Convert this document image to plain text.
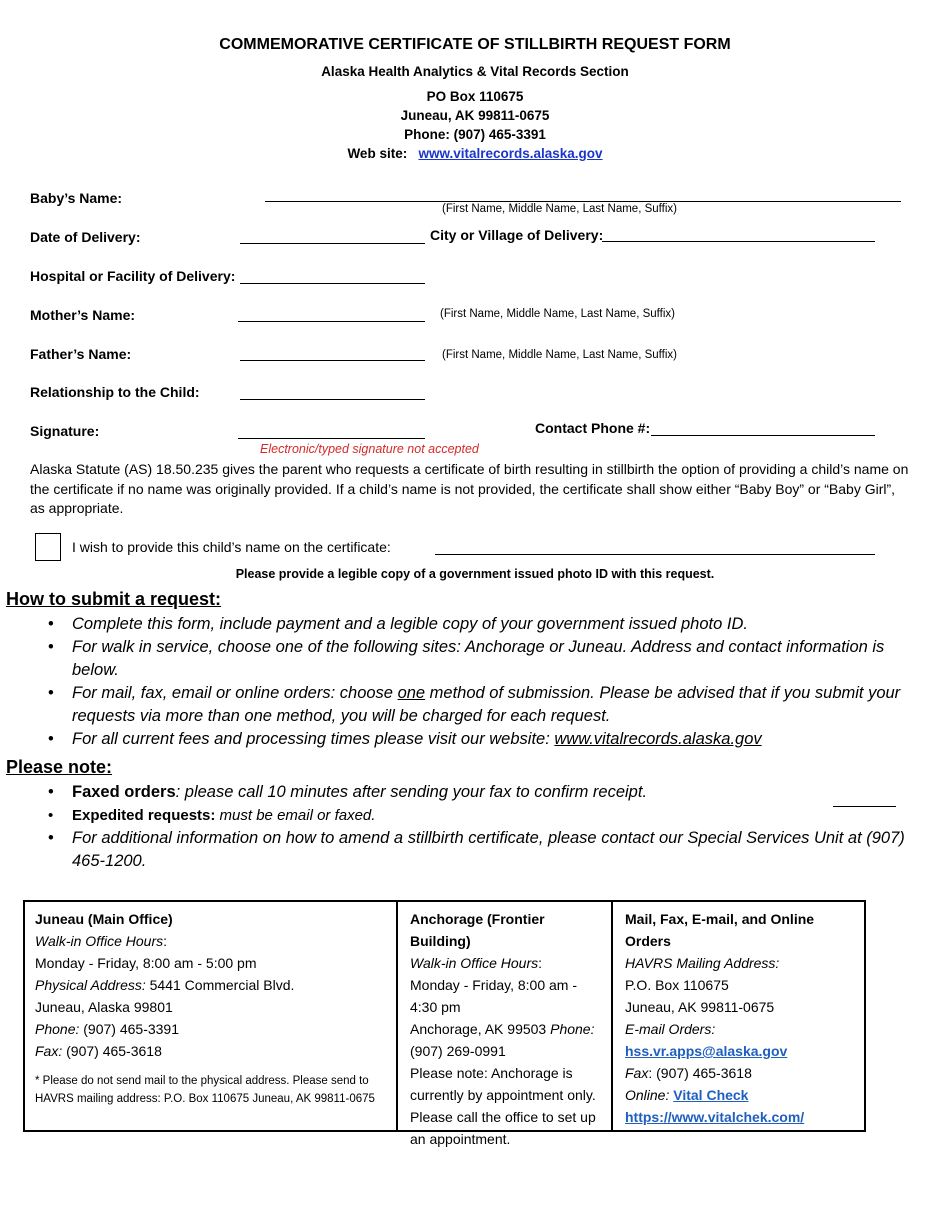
COMMEMORATIVE CERTIFICATE OF STILLBIRTH REQUEST FORM
Alaska Health Analytics & Vital Records Section
PO Box 110675
Juneau, AK 99811-0675
Phone: (907) 465-3391
Web site: www.vitalrecords.alaska.gov
Baby’s Name:
(First Name, Middle Name, Last Name, Suffix)
Date of Delivery:	City or Village of Delivery:
Hospital or Facility of Delivery:
Mother’s Name:	(First Name, Middle Name, Last Name, Suffix)
Father’s Name:	(First Name, Middle Name, Last Name, Suffix)
Relationship to the Child:
Signature:	Contact Phone #:
Electronic/typed signature not accepted
Alaska Statute (AS) 18.50.235 gives the parent who requests a certificate of birth resulting in stillbirth the option of providing a child’s name on the certificate if no name was originally provided. If a child’s name is not provided, the certificate shall show either “Baby Boy” or “Baby Girl”, as appropriate.
I wish to provide this child’s name on the certificate:
Please provide a legible copy of a government issued photo ID with this request.
How to submit a request:
• Complete this form, include payment and a legible copy of your government issued photo ID.
• For walk in service, choose one of the following sites: Anchorage or Juneau. Address and contact information is below.
• For mail, fax, email or online orders: choose one method of submission. Please be advised that if you submit your requests via more than one method, you will be charged for each request.
• For all current fees and processing times please visit our website: www.vitalrecords.alaska.gov
Please note:
• Faxed orders: please call 10 minutes after sending your fax to confirm receipt.
• Expedited requests: must be email or faxed.
• For additional information on how to amend a stillbirth certificate, please contact our Special Services Unit at (907) 465-1200.
Juneau (Main Office)
Walk-in Office Hours:
Monday - Friday, 8:00 am - 5:00 pm
Physical Address: 5441 Commercial Blvd.
Juneau, Alaska 99801
Phone: (907) 465-3391
Fax: (907) 465-3618
* Please do not send mail to the physical address. Please send to HAVRS mailing address: P.O. Box 110675 Juneau, AK 99811-0675
Anchorage (Frontier Building)
Walk-in Office Hours:
Monday - Friday, 8:00 am - 4:30 pm
Anchorage, AK 99503 Phone: (907) 269-0991
Please note: Anchorage is currently by appointment only. Please call the office to set up an appointment.
Mail, Fax, E-mail, and Online Orders
HAVRS Mailing Address:
P.O. Box 110675
Juneau, AK 99811-0675
E-mail Orders:
hss.vr.apps@alaska.gov
Fax: (907) 465-3618
Online: Vital Check
https://www.vitalchek.com/
